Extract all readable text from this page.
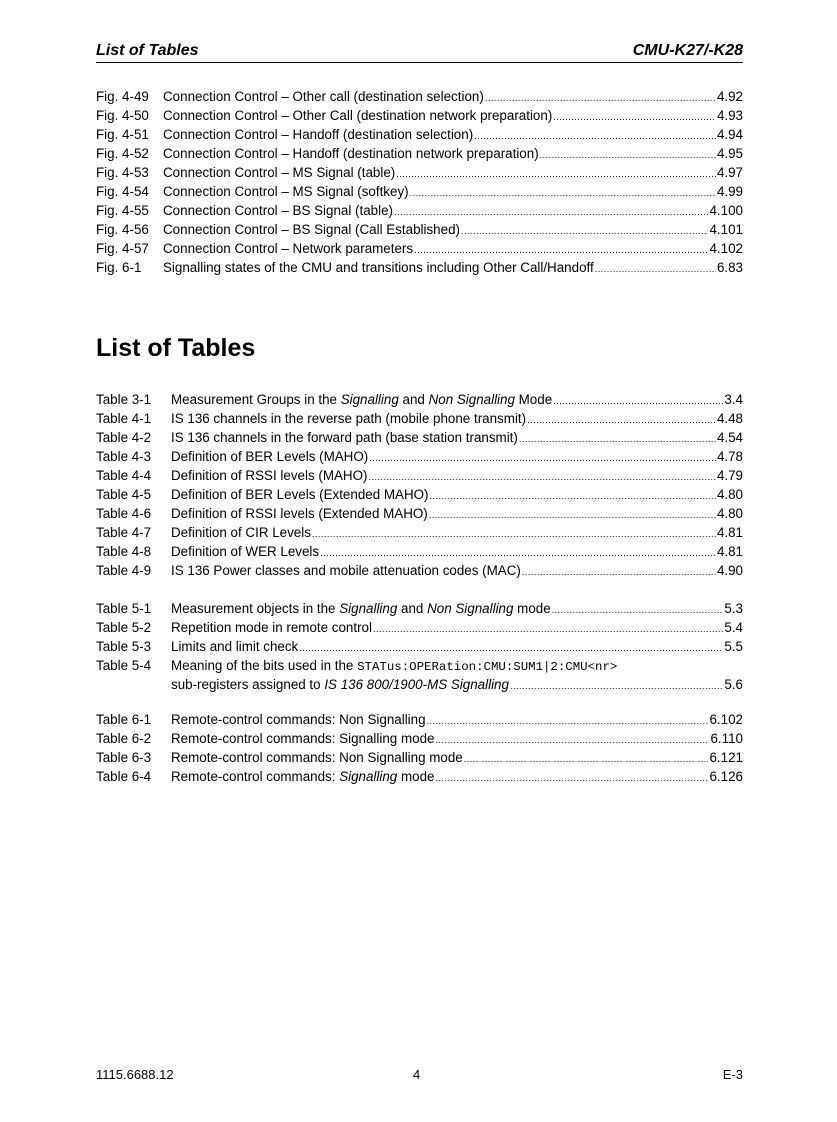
List of Tables	CMU-K27/-K28
Fig. 4-49 Connection Control – Other call (destination selection) .....	4.92
Fig. 4-50 Connection Control – Other Call (destination network preparation) .....	4.93
Fig. 4-51 Connection Control – Handoff (destination selection) .....	4.94
Fig. 4-52 Connection Control – Handoff (destination network preparation) .....	4.95
Fig. 4-53 Connection Control – MS Signal (table) .....	4.97
Fig. 4-54 Connection Control – MS Signal (softkey) .....	4.99
Fig. 4-55 Connection Control – BS Signal (table) .....	4.100
Fig. 4-56 Connection Control – BS Signal (Call Established) .....	4.101
Fig. 4-57 Connection Control – Network parameters .....	4.102
Fig. 6-1 Signalling states of the CMU and transitions including Other Call/Handoff .....	6.83
List of Tables
Table 3-1 Measurement Groups in the Signalling and Non Signalling Mode .....	3.4
Table 4-1 IS 136 channels in the reverse path (mobile phone transmit) .....	4.48
Table 4-2 IS 136 channels in the forward path (base station transmit) .....	4.54
Table 4-3 Definition of BER Levels (MAHO) .....	4.78
Table 4-4 Definition of RSSI levels (MAHO) .....	4.79
Table 4-5 Definition of BER Levels (Extended MAHO) .....	4.80
Table 4-6 Definition of RSSI levels (Extended MAHO) .....	4.80
Table 4-7 Definition of CIR Levels .....	4.81
Table 4-8 Definition of WER Levels .....	4.81
Table 4-9 IS 136 Power classes and mobile attenuation codes (MAC) .....	4.90
Table 5-1 Measurement objects in the Signalling and Non Signalling mode .....	5.3
Table 5-2 Repetition mode in remote control .....	5.4
Table 5-3 Limits and limit check .....	5.5
Table 5-4 Meaning of the bits used in the STATus:OPERation:CMU:SUM1|2:CMU<nr>
sub-registers assigned to IS 136 800/1900-MS Signalling .....	5.6
Table 6-1 Remote-control commands: Non Signalling .....	6.102
Table 6-2 Remote-control commands: Signalling mode .....	6.110
Table 6-3 Remote-control commands: Non Signalling mode .....	6.121
Table 6-4 Remote-control commands: Signalling mode .....	6.126
1115.6688.12	4	E-3
